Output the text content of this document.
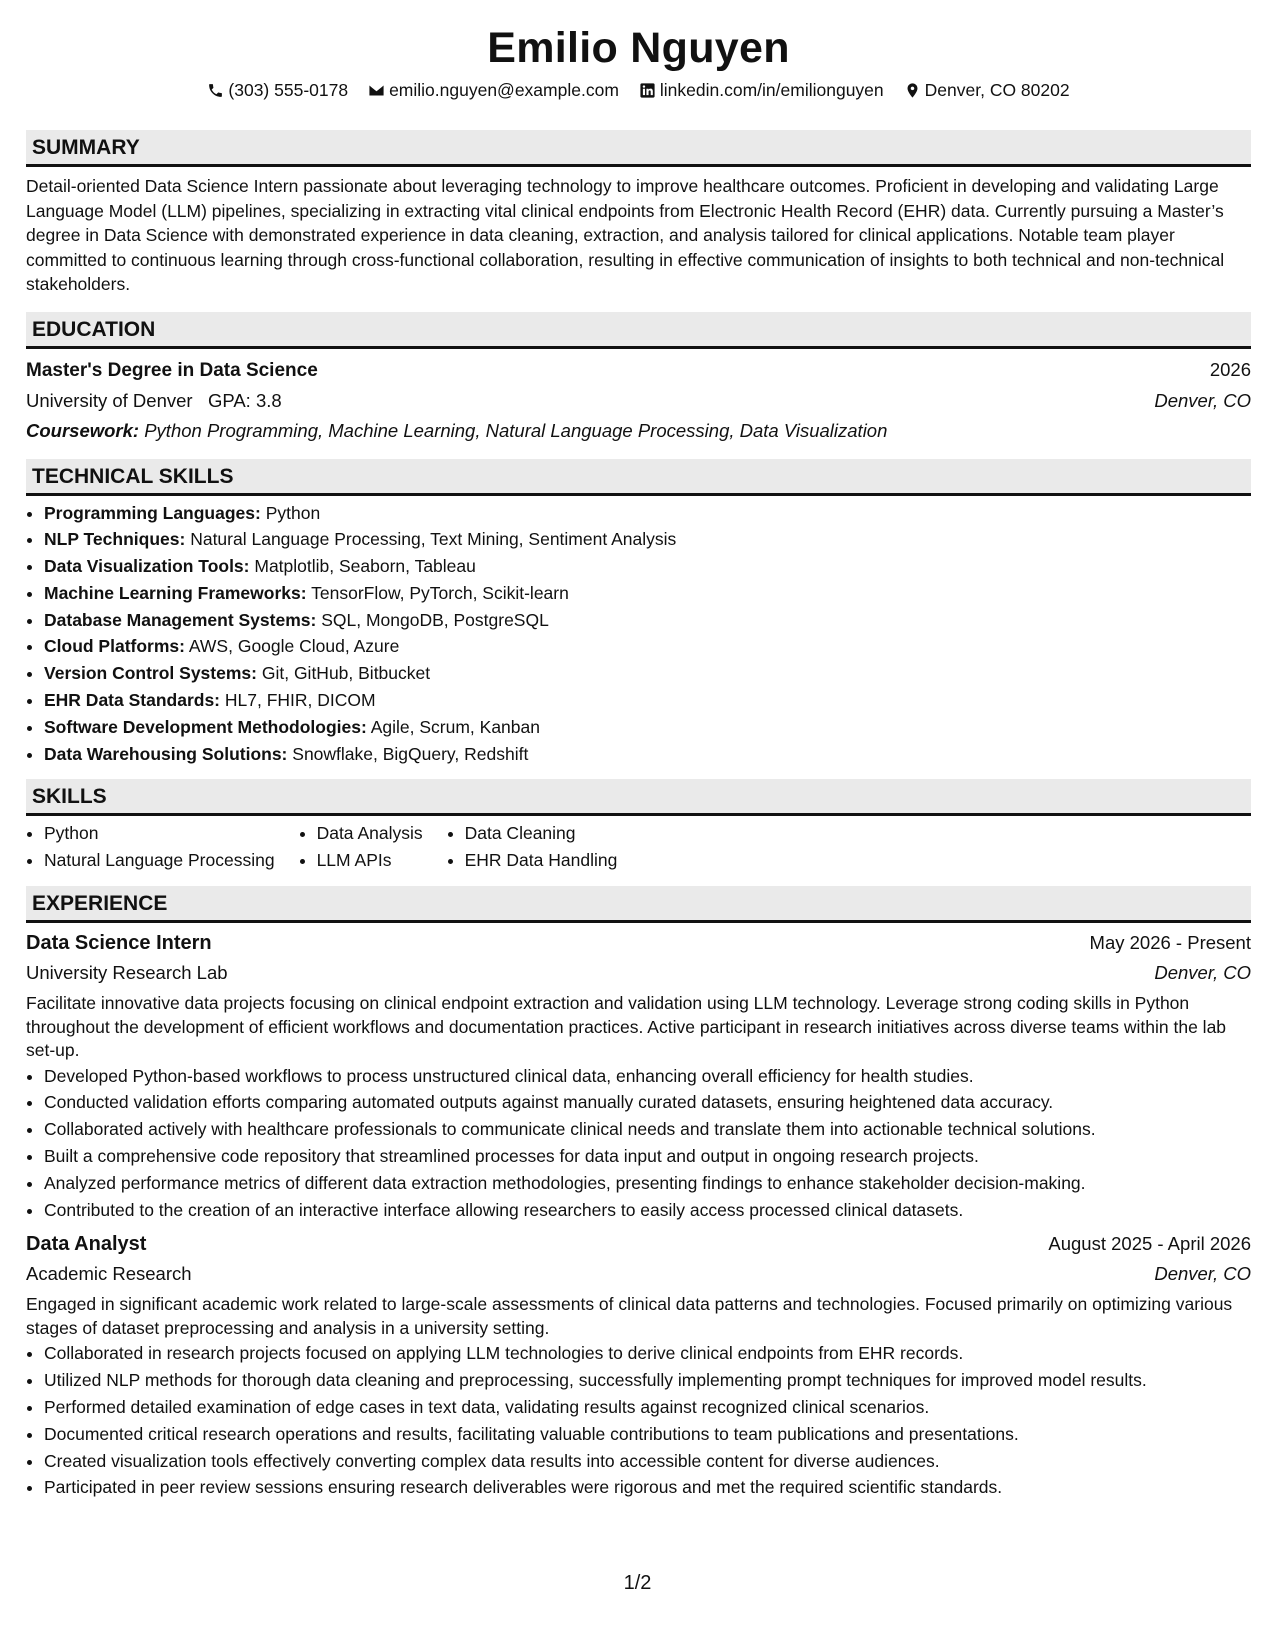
Emilio Nguyen
(303) 555-0178 emilio.nguyen@example.com linkedin.com/in/emilionguyen Denver, CO 80202
SUMMARY

Detail-oriented Data Science Intern passionate about leveraging technology to improve healthcare outcomes. Proficient in developing and validating Large Language Model (LLM) pipelines, specializing in extracting vital clinical endpoints from Electronic Health Record (EHR) data. Currently pursuing a Master’s degree in Data Science with demonstrated experience in data cleaning, extraction, and analysis tailored for clinical applications. Notable team player committed to continuous learning through cross-functional collaboration, resulting in effective communication of insights to both technical and non-technical stakeholders.

EDUCATION
Master's Degree in Data Science	2026
University of Denver GPA: 3.8	Denver, CO
Coursework: Python Programming, Machine Learning, Natural Language Processing, Data Visualization
TECHNICAL SKILLS
• Programming Languages: Python
• NLP Techniques: Natural Language Processing, Text Mining, Sentiment Analysis
• Data Visualization Tools: Matplotlib, Seaborn, Tableau
• Machine Learning Frameworks: TensorFlow, PyTorch, Scikit-learn
• Database Management Systems: SQL, MongoDB, PostgreSQL
• Cloud Platforms: AWS, Google Cloud, Azure
• Version Control Systems: Git, GitHub, Bitbucket
• EHR Data Standards: HL7, FHIR, DICOM
• Software Development Methodologies: Agile, Scrum, Kanban
• Data Warehousing Solutions: Snowflake, BigQuery, Redshift
SKILLS
• Python
• Natural Language Processing
• Data Analysis
• LLM APIs
• Data Cleaning
• EHR Data Handling
EXPERIENCE
Data Science Intern	May 2026 - Present
University Research Lab	Denver, CO

Facilitate innovative data projects focusing on clinical endpoint extraction and validation using LLM technology. Leverage strong coding skills in Python throughout the development of efficient workflows and documentation practices. Active participant in research initiatives across diverse teams within the lab set-up.

• Developed Python-based workflows to process unstructured clinical data, enhancing overall efficiency for health studies.
• Conducted validation efforts comparing automated outputs against manually curated datasets, ensuring heightened data accuracy.
• Collaborated actively with healthcare professionals to communicate clinical needs and translate them into actionable technical solutions.
• Built a comprehensive code repository that streamlined processes for data input and output in ongoing research projects.
• Analyzed performance metrics of different data extraction methodologies, presenting findings to enhance stakeholder decision-making.
• Contributed to the creation of an interactive interface allowing researchers to easily access processed clinical datasets.
Data Analyst	August 2025 - April 2026
Academic Research	Denver, CO

Engaged in significant academic work related to large-scale assessments of clinical data patterns and technologies. Focused primarily on optimizing various stages of dataset preprocessing and analysis in a university setting.

• Collaborated in research projects focused on applying LLM technologies to derive clinical endpoints from EHR records.
• Utilized NLP methods for thorough data cleaning and preprocessing, successfully implementing prompt techniques for improved model results.
• Performed detailed examination of edge cases in text data, validating results against recognized clinical scenarios.
• Documented critical research operations and results, facilitating valuable contributions to team publications and presentations.
• Created visualization tools effectively converting complex data results into accessible content for diverse audiences.
• Participated in peer review sessions ensuring research deliverables were rigorous and met the required scientific standards.
1/2
